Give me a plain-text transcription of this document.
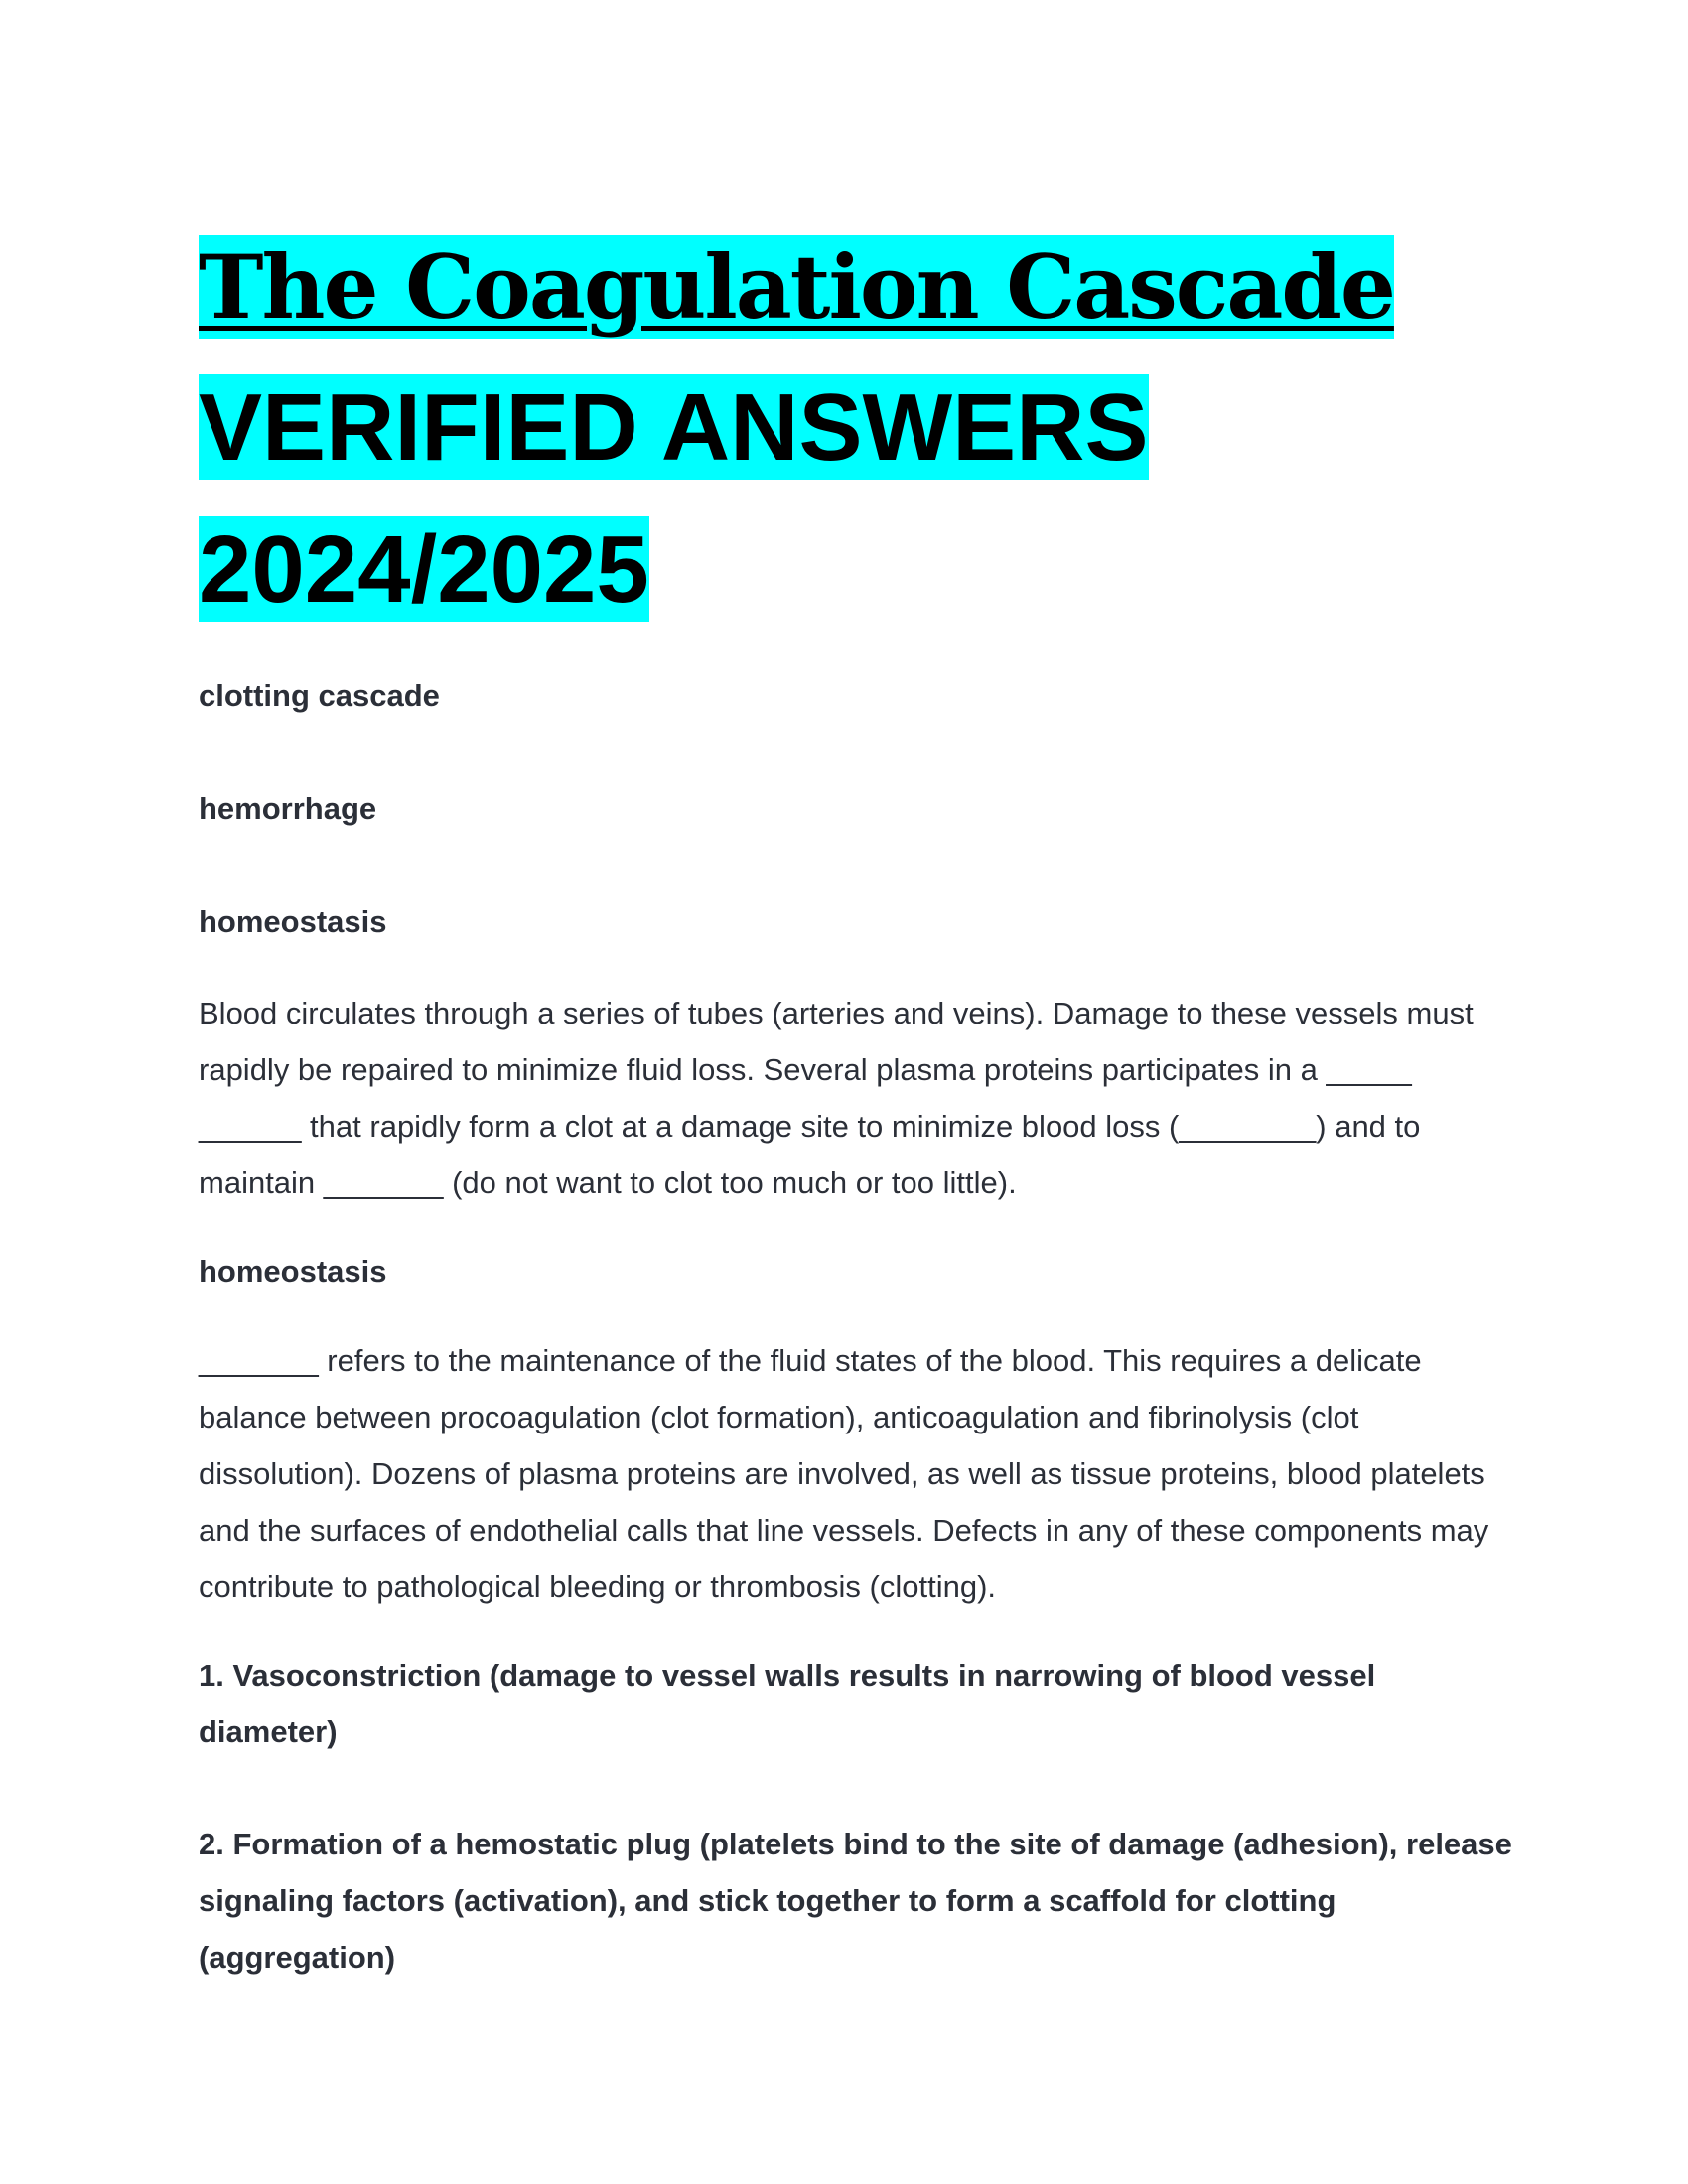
The Coagulation Cascade
VERIFIED ANSWERS
2024/2025

clotting cascade

hemorrhage

homeostasis

Blood circulates through a series of tubes (arteries and veins). Damage to these vessels must rapidly be repaired to minimize fluid loss. Several plasma proteins participates in a _____ ______ that rapidly form a clot at a damage site to minimize blood loss (________) and to maintain _______ (do not want to clot too much or too little).

homeostasis

_______ refers to the maintenance of the fluid states of the blood. This requires a delicate balance between procoagulation (clot formation), anticoagulation and fibrinolysis (clot dissolution). Dozens of plasma proteins are involved, as well as tissue proteins, blood platelets and the surfaces of endothelial calls that line vessels. Defects in any of these components may contribute to pathological bleeding or thrombosis (clotting).

1. Vasoconstriction (damage to vessel walls results in narrowing of blood vessel diameter)

2. Formation of a hemostatic plug (platelets bind to the site of damage (adhesion), release signaling factors (activation), and stick together to form a scaffold for clotting (aggregation)
